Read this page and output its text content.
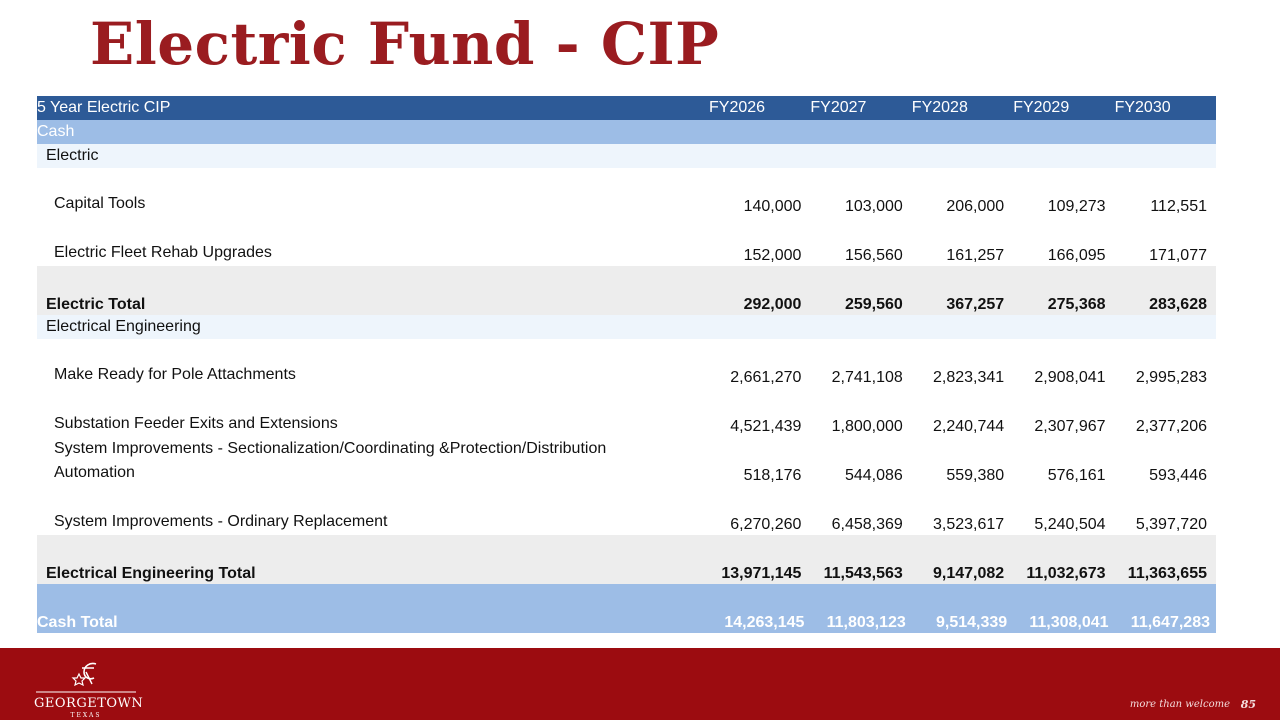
Electric Fund - CIP
5 Year Electric CIP	FY2026	FY2027	FY2028	FY2029	FY2030
Cash					
Electric					

Capital Tools	140,000	103,000	206,000	109,273	112,551

Electric Fleet Rehab Upgrades	152,000	156,560	161,257	166,095	171,077
Electric Total	292,000	259,560	367,257	275,368	283,628
Electrical Engineering					

Make Ready for Pole Attachments	2,661,270	2,741,108	2,823,341	2,908,041	2,995,283

Substation Feeder Exits and Extensions	4,521,439	1,800,000	2,240,744	2,307,967	2,377,206

System Improvements - Sectionalization/Coordinating &Protection/Distribution
Automation	518,176	544,086	559,380	576,161	593,446

System Improvements - Ordinary Replacement	6,270,260	6,458,369	3,523,617	5,240,504	5,397,720
Electrical Engineering Total	13,971,145	11,543,563	9,147,082	11,032,673	11,363,655
Cash Total	14,263,145	11,803,123	9,514,339	11,308,041	11,647,283
GEORGETOWN
TEXAS
more than welcome 85
